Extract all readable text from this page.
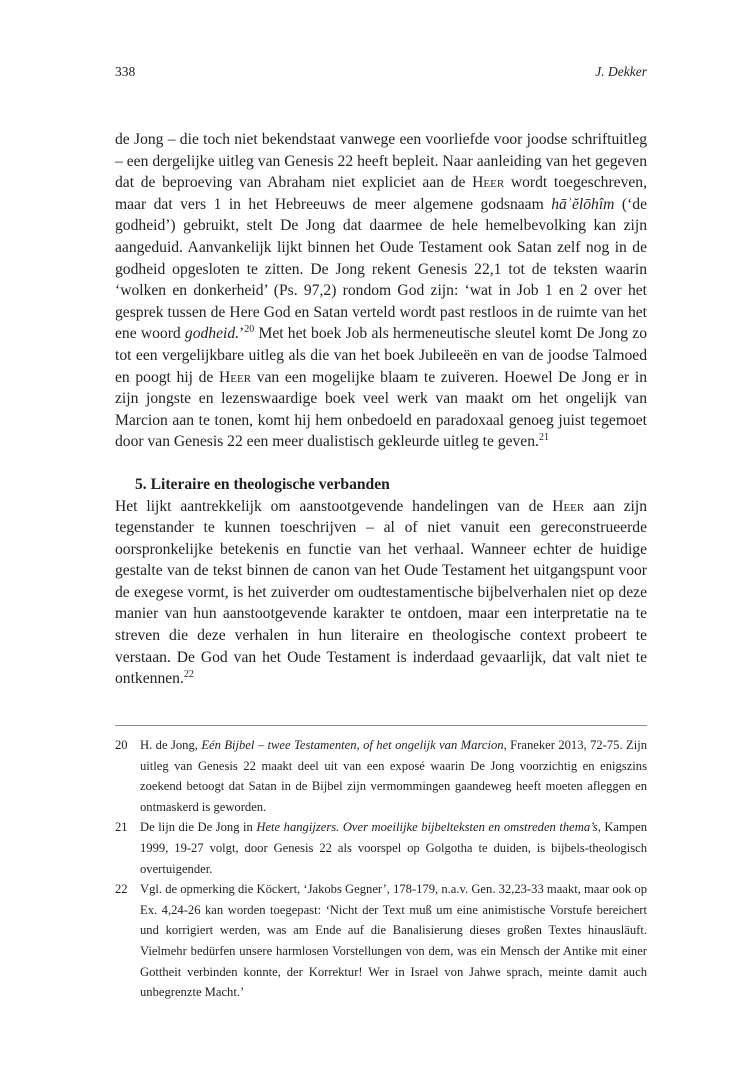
338	J. Dekker

de Jong – die toch niet bekendstaat vanwege een voorliefde voor joodse schriftuitleg – een dergelijke uitleg van Genesis 22 heeft bepleit. Naar aanleiding van het gegeven dat de beproeving van Abraham niet expliciet aan de Heer wordt toegeschreven, maar dat vers 1 in het Hebreeuws de meer algemene godsnaam hāʾĕlōhîm (‘de godheid’) gebruikt, stelt De Jong dat daarmee de hele hemelbevolking kan zijn aangeduid. Aanvankelijk lijkt binnen het Oude Testament ook Satan zelf nog in de godheid opgesloten te zitten. De Jong rekent Genesis 22,1 tot de teksten waarin ‘wolken en donkerheid’ (Ps. 97,2) rondom God zijn: ‘wat in Job 1 en 2 over het gesprek tussen de Here God en Satan verteld wordt past restloos in de ruimte van het ene woord godheid.’$^{20}$ Met het boek Job als hermeneutische sleutel komt De Jong zo tot een vergelijkbare uitleg als die van het boek Jubileeën en van de joodse Talmoed en poogt hij de Heer van een mogelijke blaam te zuiveren. Hoewel De Jong er in zijn jongste en lezenswaardige boek veel werk van maakt om het ongelijk van Marcion aan te tonen, komt hij hem onbedoeld en paradoxaal genoeg juist tegemoet door van Genesis 22 een meer dualistisch gekleurde uitleg te geven.$^{21}$

5. Literaire en theologische verbanden

Het lijkt aantrekkelijk om aanstootgevende handelingen van de Heer aan zijn tegenstander te kunnen toeschrijven – al of niet vanuit een gereconstrueerde oorspronkelijke betekenis en functie van het verhaal. Wanneer echter de huidige gestalte van de tekst binnen de canon van het Oude Testament het uitgangspunt voor de exegese vormt, is het zuiverder om oudtestamentische bijbelverhalen niet op deze manier van hun aanstootgevende karakter te ontdoen, maar een interpretatie na te streven die deze verhalen in hun literaire en theologische context probeert te verstaan. De God van het Oude Testament is inderdaad gevaarlijk, dat valt niet te ontkennen.$^{22}$

20 H. de Jong, Eén Bijbel – twee Testamenten, of het ongelijk van Marcion, Franeker 2013, 72-75. Zijn uitleg van Genesis 22 maakt deel uit van een exposé waarin De Jong voorzichtig en enigszins zoekend betoogt dat Satan in de Bijbel zijn vermommingen gaandeweg heeft moeten afleggen en ontmaskerd is geworden.

21 De lijn die De Jong in Hete hangijzers. Over moeilijke bijbelteksten en omstreden thema’s, Kampen 1999, 19-27 volgt, door Genesis 22 als voorspel op Golgotha te duiden, is bijbels-theologisch overtuigender.

22 Vgl. de opmerking die Köckert, ‘Jakobs Gegner’, 178-179, n.a.v. Gen. 32,23-33 maakt, maar ook op Ex. 4,24-26 kan worden toegepast: ‘Nicht der Text muß um eine animistische Vorstufe bereichert und korrigiert werden, was am Ende auf die Banalisierung dieses großen Textes hinausläuft. Vielmehr bedürfen unsere harmlosen Vorstellungen von dem, was ein Mensch der Antike mit einer Gottheit verbinden konnte, der Korrektur! Wer in Israel von Jahwe sprach, meinte damit auch unbegrenzte Macht.’
